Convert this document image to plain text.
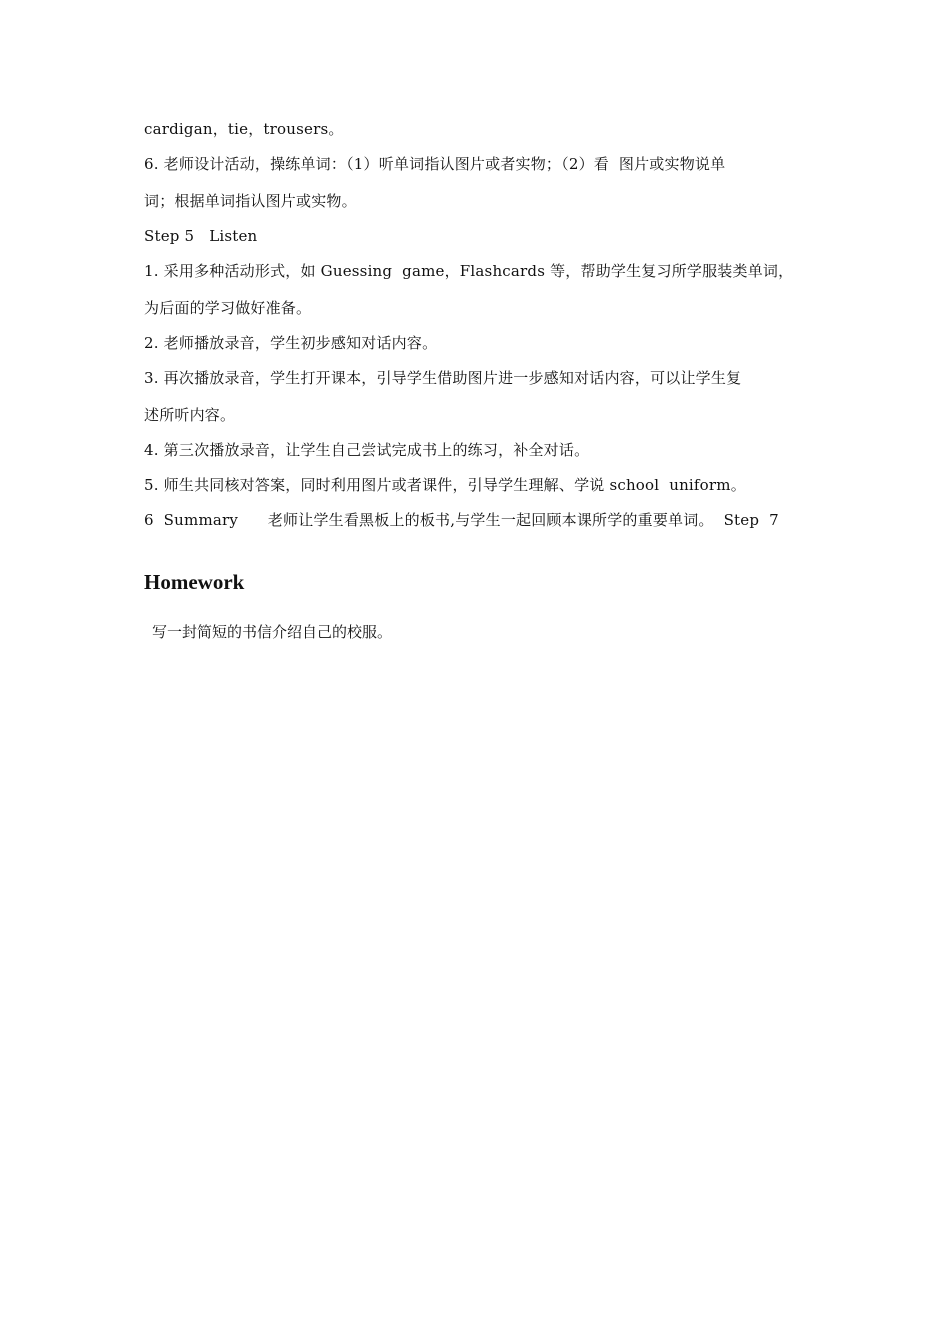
cardigan，tie，trousers。
6. 老师设计活动，操练单词：（1）听单词指认图片或者实物；（2）看  图片或实物说单
词；根据单词指认图片或实物。
Step 5   Listen
1. 采用多种活动形式，如 Guessing  game，Flashcards 等，帮助学生复习所学服装类单词，
为后面的学习做好准备。
2. 老师播放录音，学生初步感知对话内容。
3. 再次播放录音，学生打开课本，引导学生借助图片进一步感知对话内容，可以让学生复
述所听内容。
4. 第三次播放录音，让学生自己尝试完成书上的练习，补全对话。
5. 师生共同核对答案，同时利用图片或者课件，引导学生理解、学说 school  uniform。
6  Summary      老师让学生看黑板上的板书,与学生一起回顾本课所学的重要单词。  Step  7
Homework
写一封简短的书信介绍自己的校服。
